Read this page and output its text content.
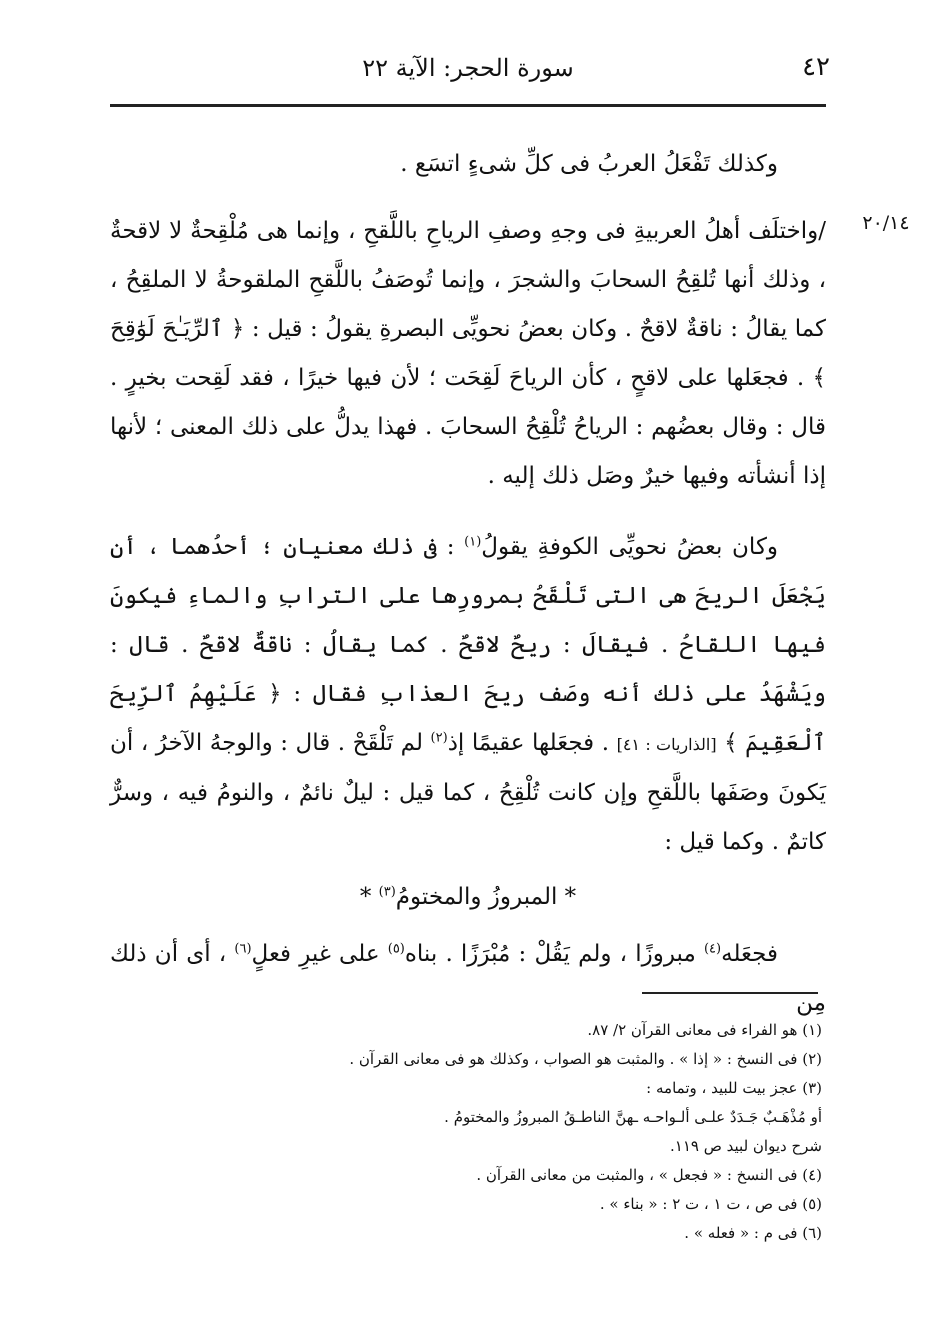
٤٢
سورة الحجر: الآية ٢٢
٢٠/١٤

وكذلك تَفْعَلُ العربُ فى كلِّ شىءٍ اتسَع .

/واختلَف أهلُ العربيةِ فى وجهِ وصفِ الرياحِ باللَّقحِ ، وإنما هى مُلْقِحةٌ لا لاقحةٌ ، وذلك أنها تُلقِحُ السحابَ والشجرَ ، وإنما تُوصَفُ باللَّقحِ الملقوحةُ لا الملقِحُ ، كما يقالُ : ناقةٌ لاقحٌ . وكان بعضُ نحويِّى البصرةِ يقولُ : قيل : ﴿ ٱلرِّيَـٰحَ لَوَٰقِحَ ﴾ . فجعَلها على لاقحٍ ، كأن الرياحَ لَقِحَت ؛ لأن فيها خيرًا ، فقد لَقِحت بخيرٍ . قال : وقال بعضُهم : الرياحُ تُلْقِحُ السحابَ . فهذا يدلُّ على ذلك المعنى ؛ لأنها إذا أنشأته وفيها خيرٌ وصَل ذلك إليه .

وكان بعضُ نحويِّى الكوفةِ يقولُ$^{(١)}$ : فى ذلك معنيان ؛ أحدُهما ، أن يَجْعَلَ الريحَ هى التى تَلْقَحُ بمرورِها على الترابِ والماءِ فيكونَ فيها اللقاحُ . فيقالَ : ريحٌ لاقحٌ . كما يقالُ : ناقةٌ لاقحٌ . قال : ويَشْهَدُ على ذلك أنه وصَف ريحَ العذابِ فقال : ﴿ عَلَيْهِمُ ٱلرِّيحَ ٱلْعَقِيمَ ﴾ [الذاريات : ٤١] . فجعَلها عقيمًا إذ$^{(٢)}$ لم تَلْقَحْ . قال : والوجهُ الآخرُ ، أن يَكونَ وصَفَها باللَّقحِ وإن كانت تُلْقِحُ ، كما قيل : ليلٌ نائمٌ ، والنومُ فيه ، وسرٌّ كاتمٌ . وكما قيل :

* المبروزُ والمختومُ$^{(٣)}$ *

فجعَله$^{(٤)}$ مبروزًا ، ولم يَقُلْ : مُبْرَزًا . بناه$^{(٥)}$ على غيرِ فعلٍ$^{(٦)}$ ، أى أن ذلك مِن

(١) هو الفراء فى معانى القرآن ٢/ ٨٧.

(٢) فى النسخ : « إذا » . والمثبت هو الصواب ، وكذلك هو فى معانى القرآن .

(٣) عجز بيت للبيد ، وتمامه :

أو مُذْهَـبٌ جَـدَدٌ علـى ألـواحـه ـهنَّ الناطـقُ المبروزُ والمختومُ .

شرح ديوان لبيد ص ١١٩.

(٤) فى النسخ : « فجعل » ، والمثبت من معانى القرآن .

(٥) فى ص ، ت ١ ، ت ٢ : « بناء » .

(٦) فى م : « فعله » .
